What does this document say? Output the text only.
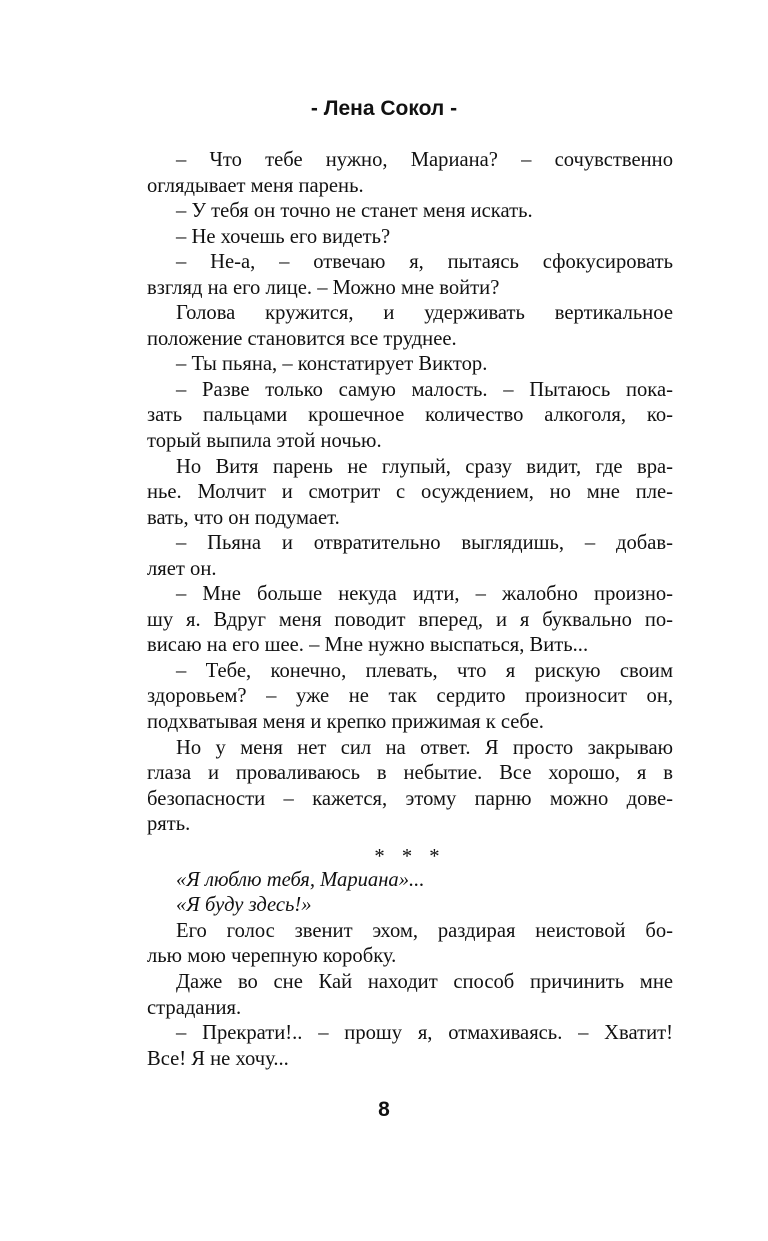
- Лена Сокол -
– Что тебе нужно, Мариана? – сочувственно
оглядывает меня парень.
– У тебя он точно не станет меня искать.
– Не хочешь его видеть?
– Не-а, – отвечаю я, пытаясь сфокусировать
взгляд на его лице. – Можно мне войти?
Голова кружится, и удерживать вертикальное
положение становится все труднее.
– Ты пьяна, – констатирует Виктор.
– Разве только самую малость. – Пытаюсь пока-
зать пальцами крошечное количество алкоголя, ко-
торый выпила этой ночью.
Но Витя парень не глупый, сразу видит, где вра-
нье. Молчит и смотрит с осуждением, но мне пле-
вать, что он подумает.
– Пьяна и отвратительно выглядишь, – добав-
ляет он.
– Мне больше некуда идти, – жалобно произно-
шу я. Вдруг меня поводит вперед, и я буквально по-
висаю на его шее. – Мне нужно выспаться, Вить...
– Тебе, конечно, плевать, что я рискую своим
здоровьем? – уже не так сердито произносит он,
подхватывая меня и крепко прижимая к себе.
Но у меня нет сил на ответ. Я просто закрываю
глаза и проваливаюсь в небытие. Все хорошо, я в
безопасности – кажется, этому парню можно дове-
рять.
* * *
«Я люблю тебя, Мариана»...
«Я буду здесь!»
Его голос звенит эхом, раздирая неистовой бо-
лью мою черепную коробку.
Даже во сне Кай находит способ причинить мне
страдания.
– Прекрати!.. – прошу я, отмахиваясь. – Хватит!
Все! Я не хочу...
8
